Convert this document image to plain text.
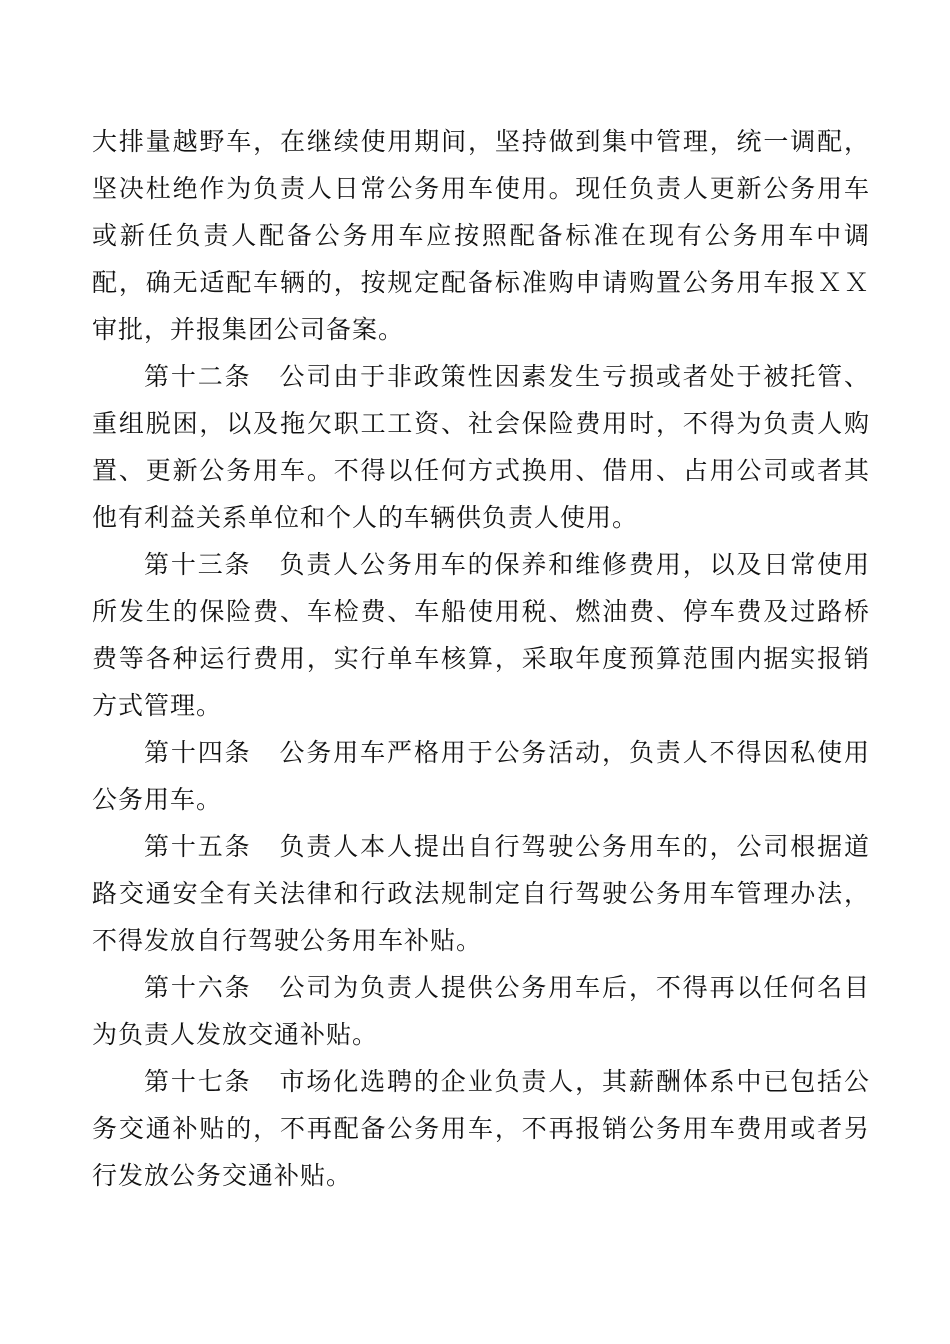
大排量越野车，在继续使用期间，坚持做到集中管理，统一调配，坚决杜绝作为负责人日常公务用车使用。现任负责人更新公务用车或新任负责人配备公务用车应按照配备标准在现有公务用车中调配，确无适配车辆的，按规定配备标准购申请购置公务用车报ＸＸ审批，并报集团公司备案。

第十二条 公司由于非政策性因素发生亏损或者处于被托管、重组脱困，以及拖欠职工工资、社会保险费用时，不得为负责人购置、更新公务用车。不得以任何方式换用、借用、占用公司或者其他有利益关系单位和个人的车辆供负责人使用。

第十三条 负责人公务用车的保养和维修费用，以及日常使用所发生的保险费、车检费、车船使用税、燃油费、停车费及过路桥费等各种运行费用，实行单车核算，采取年度预算范围内据实报销方式管理。

第十四条 公务用车严格用于公务活动，负责人不得因私使用公务用车。

第十五条 负责人本人提出自行驾驶公务用车的，公司根据道路交通安全有关法律和行政法规制定自行驾驶公务用车管理办法，不得发放自行驾驶公务用车补贴。

第十六条 公司为负责人提供公务用车后，不得再以任何名目为负责人发放交通补贴。

第十七条 市场化选聘的企业负责人，其薪酬体系中已包括公务交通补贴的，不再配备公务用车，不再报销公务用车费用或者另行发放公务交通补贴。
